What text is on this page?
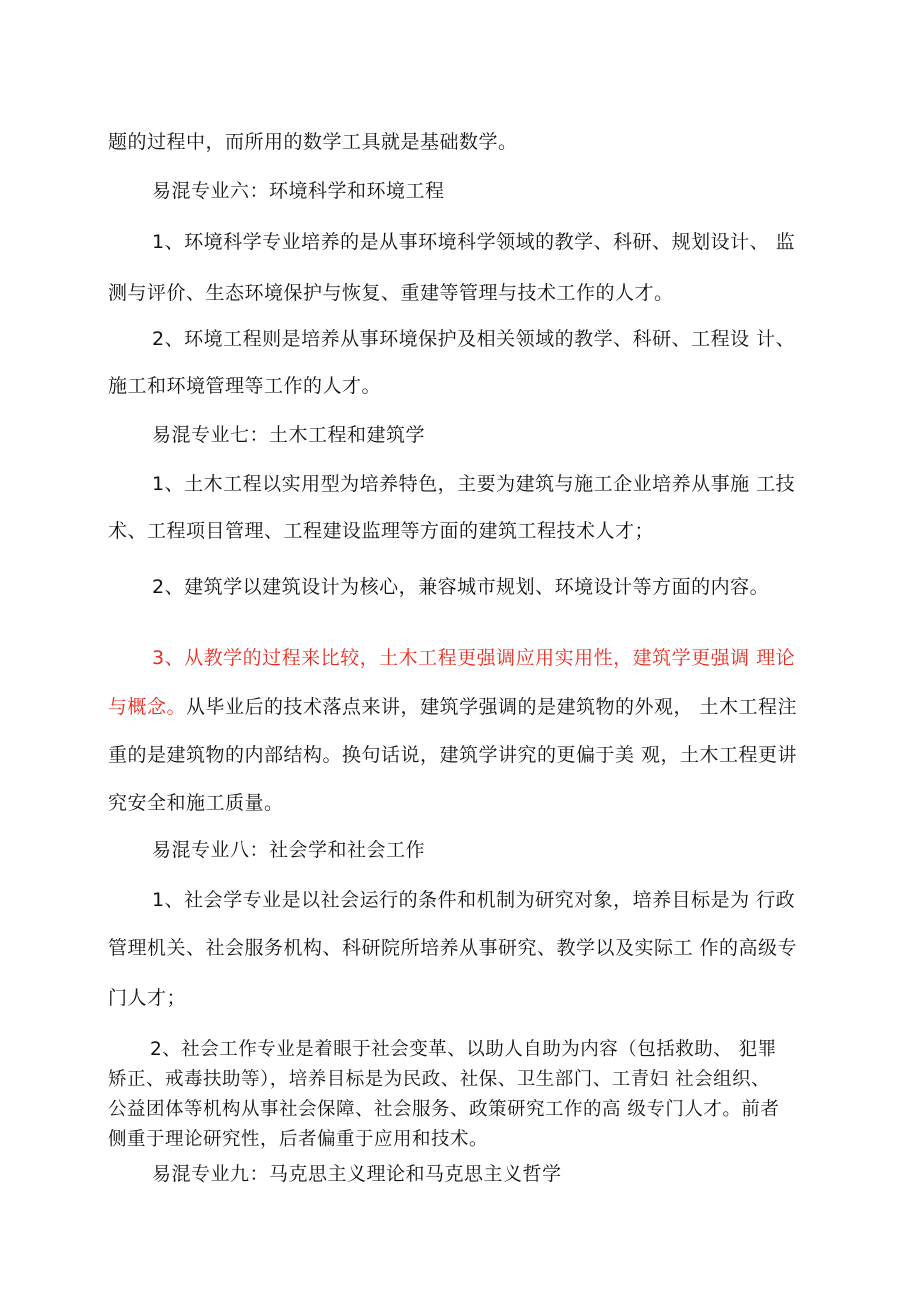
题的过程中，而所用的数学工具就是基础数学。
易混专业六：环境科学和环境工程
1、环境科学专业培养的是从事环境科学领域的教学、科研、规划设计、 监
测与评价、生态环境保护与恢复、重建等管理与技术工作的人才。
2、环境工程则是培养从事环境保护及相关领域的教学、科研、工程设 计、
施工和环境管理等工作的人才。
易混专业七：土木工程和建筑学
1、土木工程以实用型为培养特色，主要为建筑与施工企业培养从事施 工技
术、工程项目管理、工程建设监理等方面的建筑工程技术人才；
2、建筑学以建筑设计为核心，兼容城市规划、环境设计等方面的内容。
3、从教学的过程来比较，土木工程更强调应用实用性，建筑学更强调 理论
与概念。从毕业后的技术落点来讲，建筑学强调的是建筑物的外观， 土木工程注
重的是建筑物的内部结构。换句话说，建筑学讲究的更偏于美 观，土木工程更讲
究安全和施工质量。
易混专业八：社会学和社会工作
1、社会学专业是以社会运行的条件和机制为研究对象，培养目标是为 行政
管理机关、社会服务机构、科研院所培养从事研究、教学以及实际工 作的高级专
门人才；
2、社会工作专业是着眼于社会变革、以助人自助为内容（包括救助、 犯罪
矫正、戒毒扶助等），培养目标是为民政、社保、卫生部门、工青妇 社会组织、
公益团体等机构从事社会保障、社会服务、政策研究工作的高 级专门人才。前者
侧重于理论研究性，后者偏重于应用和技术。
易混专业九：马克思主义理论和马克思主义哲学
